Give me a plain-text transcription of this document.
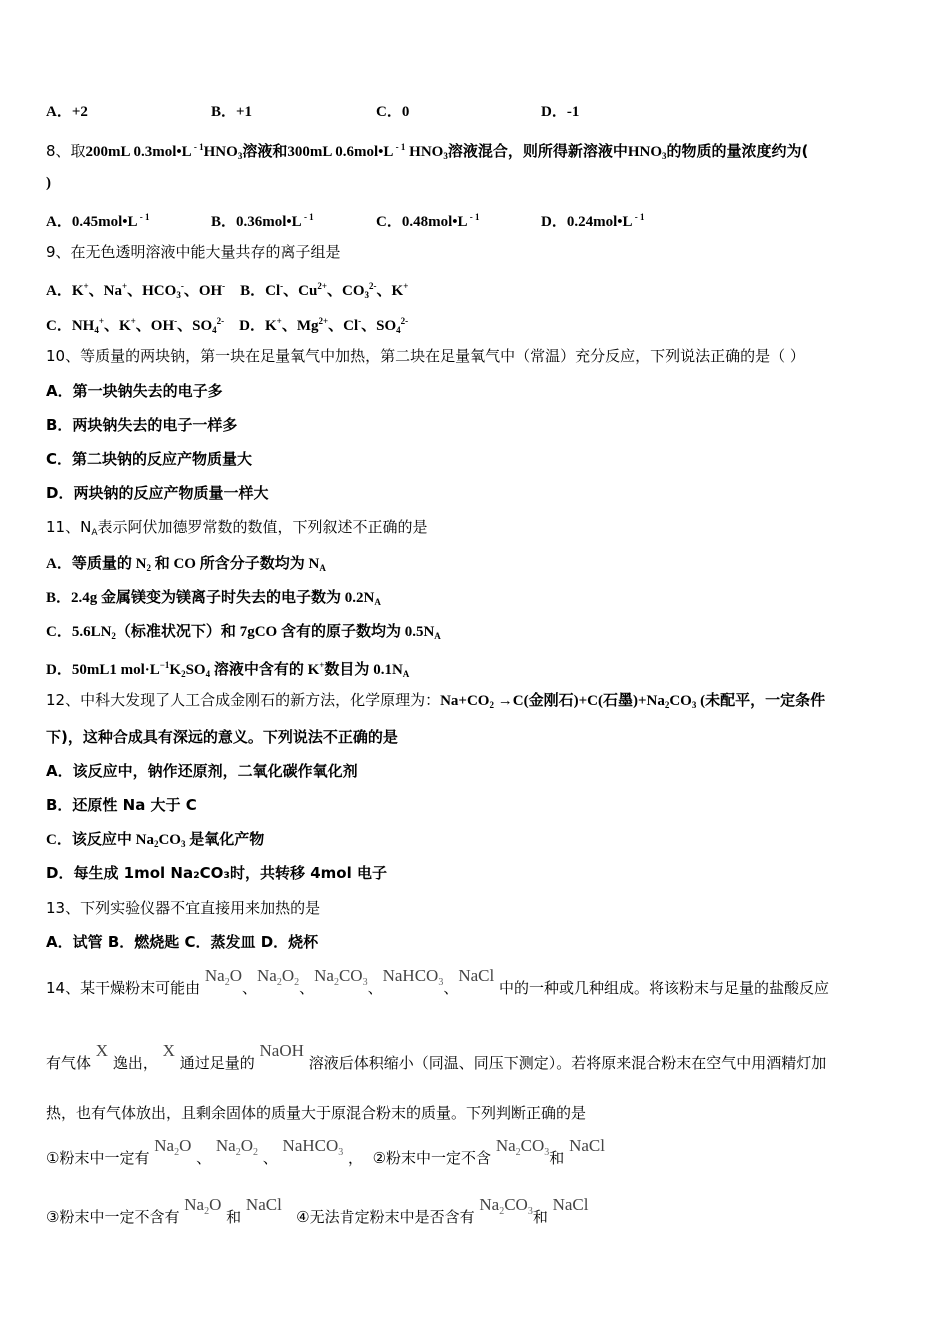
A．+2	B．+1	C．0	D．-1
8、取200mL 0.3mol•L $^{- 1}HNO_3$溶液和300mL 0.6mol•L $^{- 1}$ $HNO_3$溶液混合，则所得新溶液中$HNO_3$的物质的量浓度约为(
)
A．0.45mol•L $^{- 1}$	B．0.36mol•L $^{- 1}$	C．0.48mol•L $^{- 1}$	D．0.24mol•L $^{- 1}$
9、在无色透明溶液中能大量共存的离子组是
A．K+、Na+、$HCO_3^-$、OH-    B．Cl-、$Cu^{2+}$、$CO_3^{2-}$、K+
C．$NH_4^+$、K+、OH-、$SO_4^{2-}$    D．K+、$Mg^{2+}$、Cl-、$SO_4^{2-}$
10、等质量的两块钠，第一块在足量氧气中加热，第二块在足量氧气中（常温）充分反应，下列说法正确的是（ ）
A．第一块钠失去的电子多
B．两块钠失去的电子一样多
C．第二块钠的反应产物质量大
D．两块钠的反应产物质量一样大
11、$N_A$表示阿伏加德罗常数的数值，下列叙述不正确的是
A．等质量的 $N_2$ 和 CO 所含分子数均为 $N_A$
B．2.4g 金属镁变为镁离子时失去的电子数为 $0.2N_A$
C．$5.6LN_2$（标准状况下）和 7gCO 含有的原子数均为 $0.5N_A$
D．50mL1 $mol\cdot L^{-1}K_2SO_4$ 溶液中含有的 K+数目为 $0.1N_A$
12、中科大发现了人工合成金刚石的新方法，化学原理为：$Na+CO_2 \to C$(金刚石)+C(石墨)$+Na_2CO_3$ (未配平，一定条件
下)，这种合成具有深远的意义。下列说法不正确的是
A．该反应中，钠作还原剂，二氧化碳作氧化剂
B．还原性 Na 大于 C
C．该反应中 $Na_2CO_3$ 是氧化产物
D．每生成 1mol Na₂CO₃时，共转移 4mol 电子
13、下列实验仪器不宜直接用来加热的是
A．试管 B．燃烧匙 C．蒸发皿 D．烧杯
14、某干燥粉末可能由 $Na_2O$、$Na_2O_2$、$Na_2CO_3$、NaHCO$_3$、NaCl 中的一种或几种组成。将该粉末与足量的盐酸反应
有气体 X 逸出， X 通过足量的 NaOH 溶液后体积缩小（同温、同压下测定）。若将原来混合粉末在空气中用酒精灯加
热，也有气体放出，且剩余固体的质量大于原混合粉末的质量。下列判断正确的是
①粉末中一定有 $Na_2O$ 、 $Na_2O_2$ 、 NaHCO$_3$ ，  ②粉末中一定不含 $Na_2CO_3$和 NaCl
③粉末中一定不含有 $Na_2O$ 和 NaCl   ④无法肯定粉末中是否含有 $Na_2CO_3$和 NaCl
